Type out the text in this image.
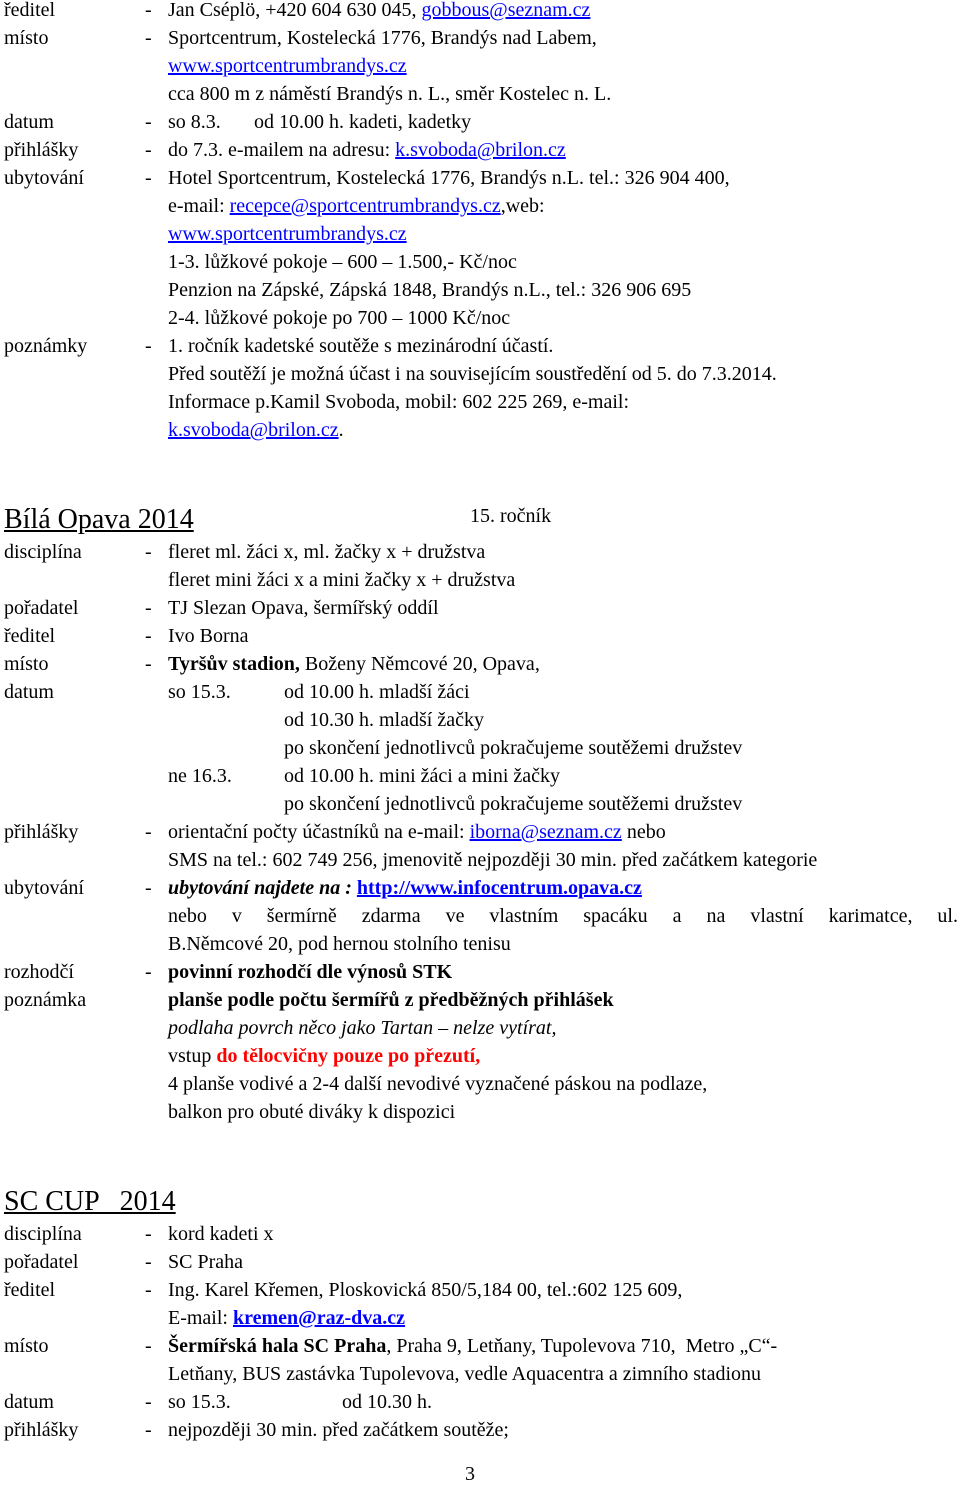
ředitel	- Jan Cséplö, +420 604 630 045, gobbous@seznam.cz
místo	- Sportcentrum, Kostelecká 1776, Brandýs nad Labem,
www.sportcentrumbrandys.cz
cca 800 m z náměstí Brandýs n. L., směr Kostelec n. L.
datum	- so 8.3. od 10.00 h. kadeti, kadetky
přihlášky	- do 7.3. e-mailem na adresu: k.svoboda@brilon.cz
ubytování	- Hotel Sportcentrum, Kostelecká 1776, Brandýs n.L. tel.: 326 904 400,
e-mail: recepce@sportcentrumbrandys.cz,web:
www.sportcentrumbrandys.cz
1-3. lůžkové pokoje – 600 – 1.500,- Kč/noc
Penzion na Zápské, Zápská 1848, Brandýs n.L., tel.: 326 906 695
2-4. lůžkové pokoje po 700 – 1000 Kč/noc
poznámky	- 1. ročník kadetské soutěže s mezinárodní účastí.
Před soutěží je možná účast i na souvisejícím soustředění od 5. do 7.3.2014.
Informace p.Kamil Svoboda, mobil: 602 225 269, e-mail:
k.svoboda@brilon.cz.
Bílá Opava 2014	15. ročník
disciplína	- fleret ml. žáci x, ml. žačky x + družstva
fleret mini žáci x a mini žačky x + družstva
pořadatel	- TJ Slezan Opava, šermířský oddíl
ředitel	- Ivo Borna
místo	- Tyršův stadion, Boženy Němcové 20, Opava,
datum	so 15.3.	od 10.00 h. mladší žáci
od 10.30 h. mladší žačky
po skončení jednotlivců pokračujeme soutěžemi družstev
ne 16.3.	od 10.00 h. mini žáci a mini žačky
po skončení jednotlivců pokračujeme soutěžemi družstev
přihlášky	- orientační počty účastníků na e-mail: iborna@seznam.cz nebo
SMS na tel.: 602 749 256, jmenovitě nejpozději 30 min. před začátkem kategorie
ubytování	- ubytování najdete na : http://www.infocentrum.opava.cz
nebo v šermírně zdarma ve vlastním spacáku a na vlastní karimatce, ul.
B.Němcové 20, pod hernou stolního tenisu
rozhodčí	- povinní rozhodčí dle výnosů STK
poznámka	planše podle počtu šermířů z předběžných přihlášek
podlaha povrch něco jako Tartan – nelze vytírat,
vstup do tělocvičny pouze po přezutí,
4 planše vodivé a 2-4 další nevodivé vyznačené páskou na podlaze,
balkon pro obuté diváky k dispozici
SC CUP   2014
disciplína	- kord kadeti x
pořadatel	- SC Praha
ředitel	- Ing. Karel Křemen, Ploskovická 850/5,184 00, tel.:602 125 609,
E-mail: kremen@raz-dva.cz
místo	- Šermířská hala SC Praha, Praha 9, Letňany, Tupolevova 710,  Metro „C“-
Letňany, BUS zastávka Tupolevova, vedle Aquacentra a zimního stadionu
datum	- so 15.3.	od 10.30 h.
přihlášky	- nejpozději 30 min. před začátkem soutěže;
3
